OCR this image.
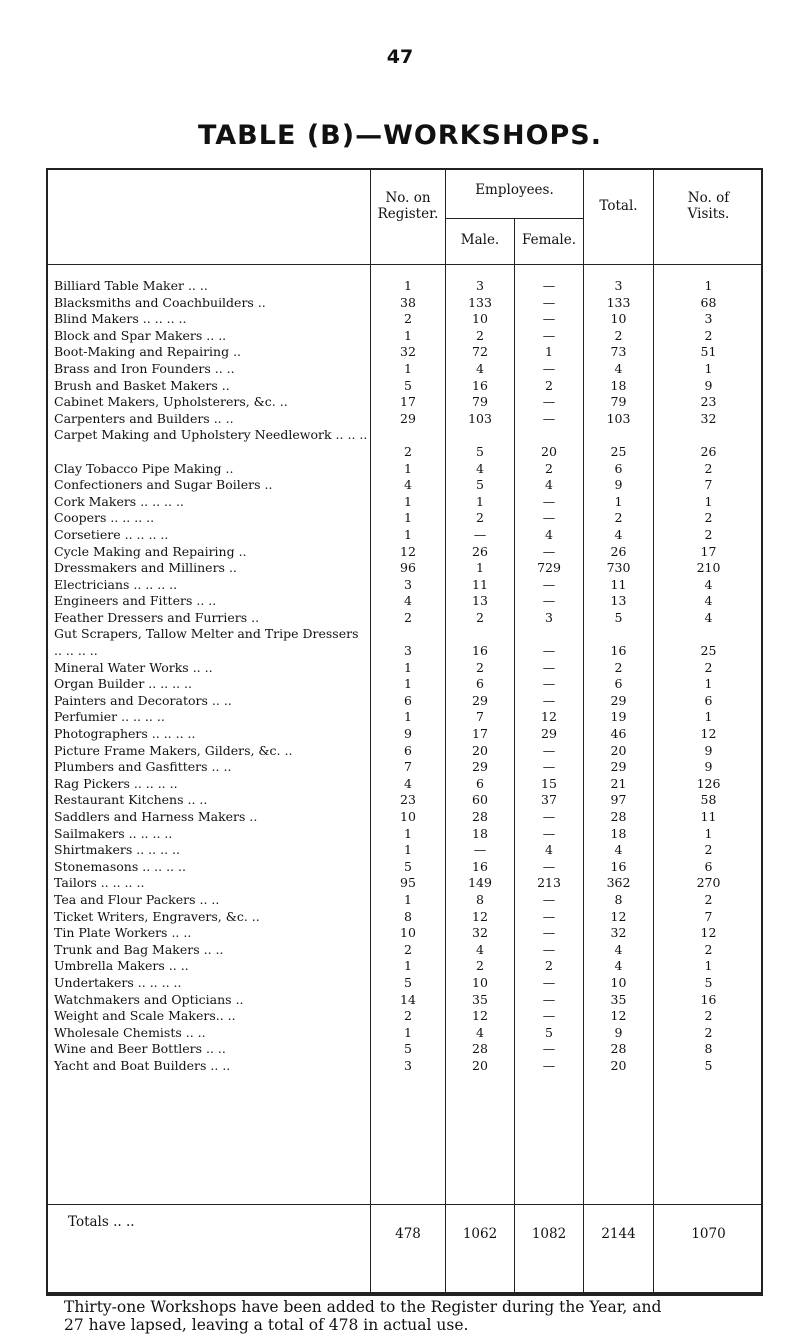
47
TABLE (B)—WORKSHOPS.
No. on
Register.
Employees.
Male.	Female.
Total.	No. of
Visits.
Billiard Table Maker .. ..	1	3	—	3	1
Blacksmiths and Coachbuilders ..	38	133	—	133	68
Blind Makers .. .. .. ..	2	10	—	10	3
Block and Spar Makers .. ..	1	2	—	2	2
Boot-Making and Repairing ..	32	72	1	73	51
Brass and Iron Founders .. ..	1	4	—	4	1
Brush and Basket Makers ..	5	16	2	18	9
Cabinet Makers, Upholsterers, &c. ..	17	79	—	79	23
Carpenters and Builders .. ..	29	103	—	103	32
Carpet Making and Upholstery Needlework .. .. ..
2	5	20	25	26
Clay Tobacco Pipe Making ..	1	4	2	6	2
Confectioners and Sugar Boilers ..	4	5	4	9	7
Cork Makers .. .. .. ..	1	1	—	1	1
Coopers .. .. .. ..	1	2	—	2	2
Corsetiere .. .. .. ..	1	—	4	4	2
Cycle Making and Repairing ..	12	26	—	26	17
Dressmakers and Milliners ..	96	1	729	730	210
Electricians .. .. .. ..	3	11	—	11	4
Engineers and Fitters .. ..	4	13	—	13	4
Feather Dressers and Furriers ..	2	2	3	5	4
Gut Scrapers, Tallow Melter and Tripe Dressers .. .. .. ..	3	16	—	16	25
Mineral Water Works .. ..	1	2	—	2	2
Organ Builder .. .. .. ..	1	6	—	6	1
Painters and Decorators .. ..	6	29	—	29	6
Perfumier .. .. .. ..	1	7	12	19	1
Photographers .. .. .. ..	9	17	29	46	12
Picture Frame Makers, Gilders, &c. ..	6	20	—	20	9
Plumbers and Gasfitters .. ..	7	29	—	29	9
Rag Pickers .. .. .. ..	4	6	15	21	126
Restaurant Kitchens .. ..	23	60	37	97	58
Saddlers and Harness Makers ..	10	28	—	28	11
Sailmakers .. .. .. ..	1	18	—	18	1
Shirtmakers .. .. .. ..	1	—	4	4	2
Stonemasons .. .. .. ..	5	16	—	16	6
Tailors .. .. .. ..	95	149	213	362	270
Tea and Flour Packers .. ..	1	8	—	8	2
Ticket Writers, Engravers, &c. ..	8	12	—	12	7
Tin Plate Workers .. ..	10	32	—	32	12
Trunk and Bag Makers .. ..	2	4	—	4	2
Umbrella Makers .. ..	1	2	2	4	1
Undertakers .. .. .. ..	5	10	—	10	5
Watchmakers and Opticians ..	14	35	—	35	16
Weight and Scale Makers.. ..	2	12	—	12	2
Wholesale Chemists .. ..	1	4	5	9	2
Wine and Beer Bottlers .. ..	5	28	—	28	8
Yacht and Boat Builders .. ..	3	20	—	20	5
Totals .. ..
478	1062	1082	2144	1070
Thirty-one Workshops have been added to the Register during the Year, and
27 have lapsed, leaving a total of 478 in actual use.
